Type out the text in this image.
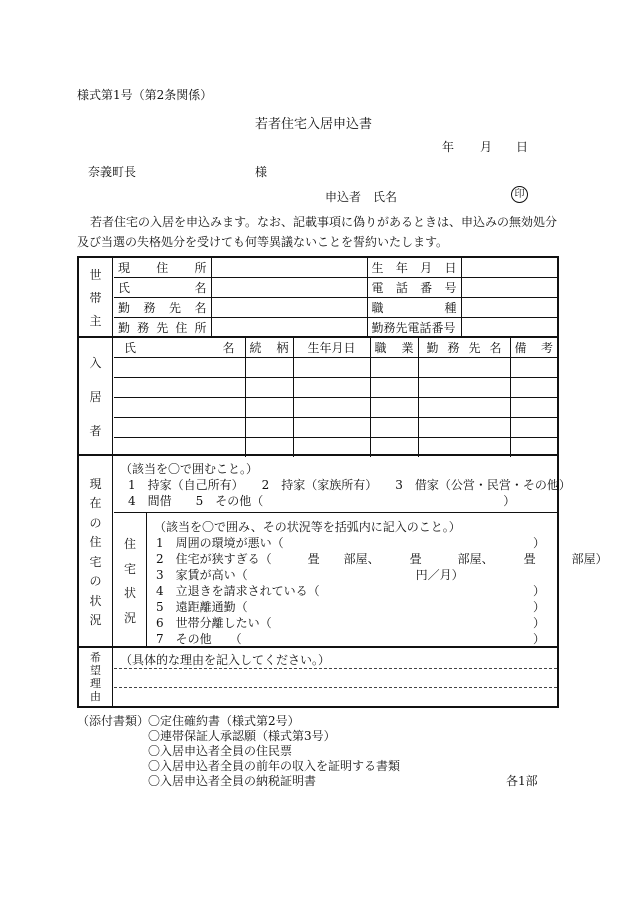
様式第1号（第2条関係）
若者住宅入居申込書
年 月 日
奈義町長	様
申込者　氏名	印
若者住宅の入居を申込みます。なお、記載事項に偽りがあるときは、申込みの無効処分
及び当選の失格処分を受けても何等異議ないことを誓約いたします。
世
帯
主
現 住 所		生 年 月 日	

氏 名		電 話 番 号	

勤 務 先 名		職 種	

勤 務 先 住 所		勤務先電話番号	
入
居
者
氏 名	続 柄	生年月日	職 業	勤 務 先 名	備 考

現
在
の
住
宅
の
状
況
（該当を〇で囲むこと。）
1　持家（自己所有）　　2　持家（家族所有）　　3　借家（公営・民営・その他）
4　間借　　5　その他（　　　　　　　　　　　　　　　　　　　　）
住
宅
状
況
（該当を〇で囲み、その状況等を括弧内に記入のこと。）
1　周囲の環境が悪い（	）
2　住宅が狭すぎる（　　　畳　　部屋、　　　畳　　　部屋、　　　畳　　　部屋）
3　家賃が高い（　　　　　　　　　　　　　　円／月）
4　立退きを請求されている（	）
5　遠距離通勤（	）
6　世帯分離したい（	）
7　その他　　（	）
希
望
理
由
（具体的な理由を記入してください。）
（添付書類）
〇定住確約書（様式第2号）
〇連帯保証人承認願（様式第3号）
〇入居申込者全員の住民票
〇入居申込者全員の前年の収入を証明する書類
〇入居申込者全員の納税証明書	各1部
